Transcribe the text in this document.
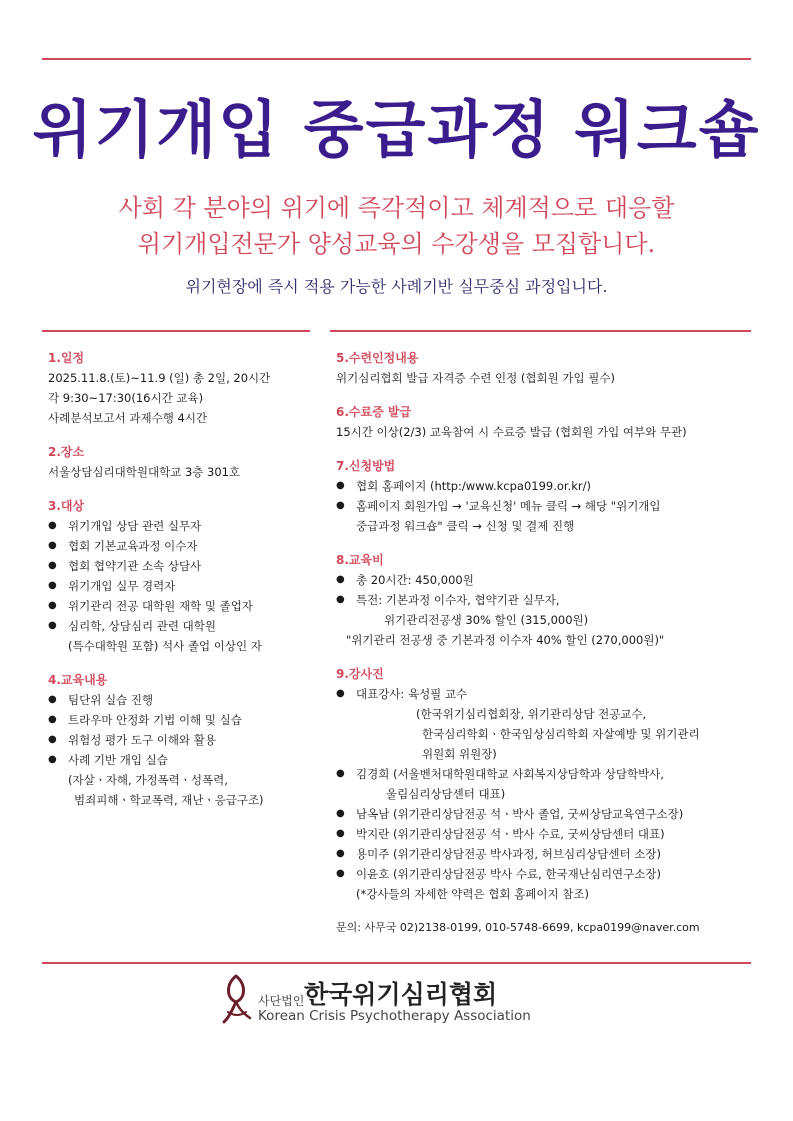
위기개입 중급과정 워크숍
사회 각 분야의 위기에 즉각적이고 체계적으로 대응할
위기개입전문가 양성교육의 수강생을 모집합니다.
위기현장에 즉시 적용 가능한 사례기반 실무중심 과정입니다.
1.일정
2025.11.8.(토)~11.9 (일) 총 2일, 20시간
각 9:30~17:30(16시간 교육)
사례분석보고서 과제수행 4시간
2.장소
서울상담심리대학원대학교 3층 301호
3.대상
● 위기개입 상담 관련 실무자
● 협회 기본교육과정 이수자
● 협회 협약기관 소속 상담사
● 위기개입 실무 경력자
● 위기관리 전공 대학원 재학 및 졸업자
● 심리학, 상담심리 관련 대학원
(특수대학원 포함) 석사 졸업 이상인 자
4.교육내용
● 팀단위 실습 진행
● 트라우마 안정화 기법 이해 및 실습
● 위험성 평가 도구 이해와 활용
● 사례 기반 개입 실습
(자살ㆍ자해, 가정폭력ㆍ성폭력,
범죄피해ㆍ학교폭력, 재난ㆍ응급구조)
5.수련인정내용
위기심리협회 발급 자격증 수련 인정 (협회원 가입 필수)
6.수료증 발급
15시간 이상(2/3) 교육참여 시 수료증 발급 (협회원 가입 여부와 무관)
7.신청방법
● 협회 홈페이지 (http:/www.kcpa0199.or.kr/)
● 홈페이지 회원가입 → '교육신청' 메뉴 클릭 → 해당 "위기개입
중급과정 워크숍" 클릭 → 신청 및 결제 진행
8.교육비
● 총 20시간: 450,000원
● 특전: 기본과정 이수자, 협약기관 실무자,
위기관리전공생 30% 할인 (315,000원)
"위기관리 전공생 중 기본과정 이수자 40% 할인 (270,000원)"
9.강사진
● 대표강사: 육성필 교수
(한국위기심리협회장, 위기관리상담 전공교수,
한국심리학회ㆍ한국임상심리학회 자살예방 및 위기관리
위원회 위원장)
● 김경희 (서울벤처대학원대학교 사회복지상담학과 상담학박사,
울림심리상담센터 대표)
● 남옥남 (위기관리상담전공 석ㆍ박사 졸업, 굿씨상담교육연구소장)
● 박지란 (위기관리상담전공 석ㆍ박사 수료, 굿씨상담센터 대표)
● 용미주 (위기관리상담전공 박사과정, 허브심리상담센터 소장)
● 이윤호 (위기관리상담전공 박사 수료, 한국재난심리연구소장)
(*강사들의 자세한 약력은 협회 홈페이지 참조)
문의: 사무국 02)2138-0199, 010-5748-6699, kcpa0199@naver.com
사단법인 한국위기심리협회
Korean Crisis Psychotherapy Association
